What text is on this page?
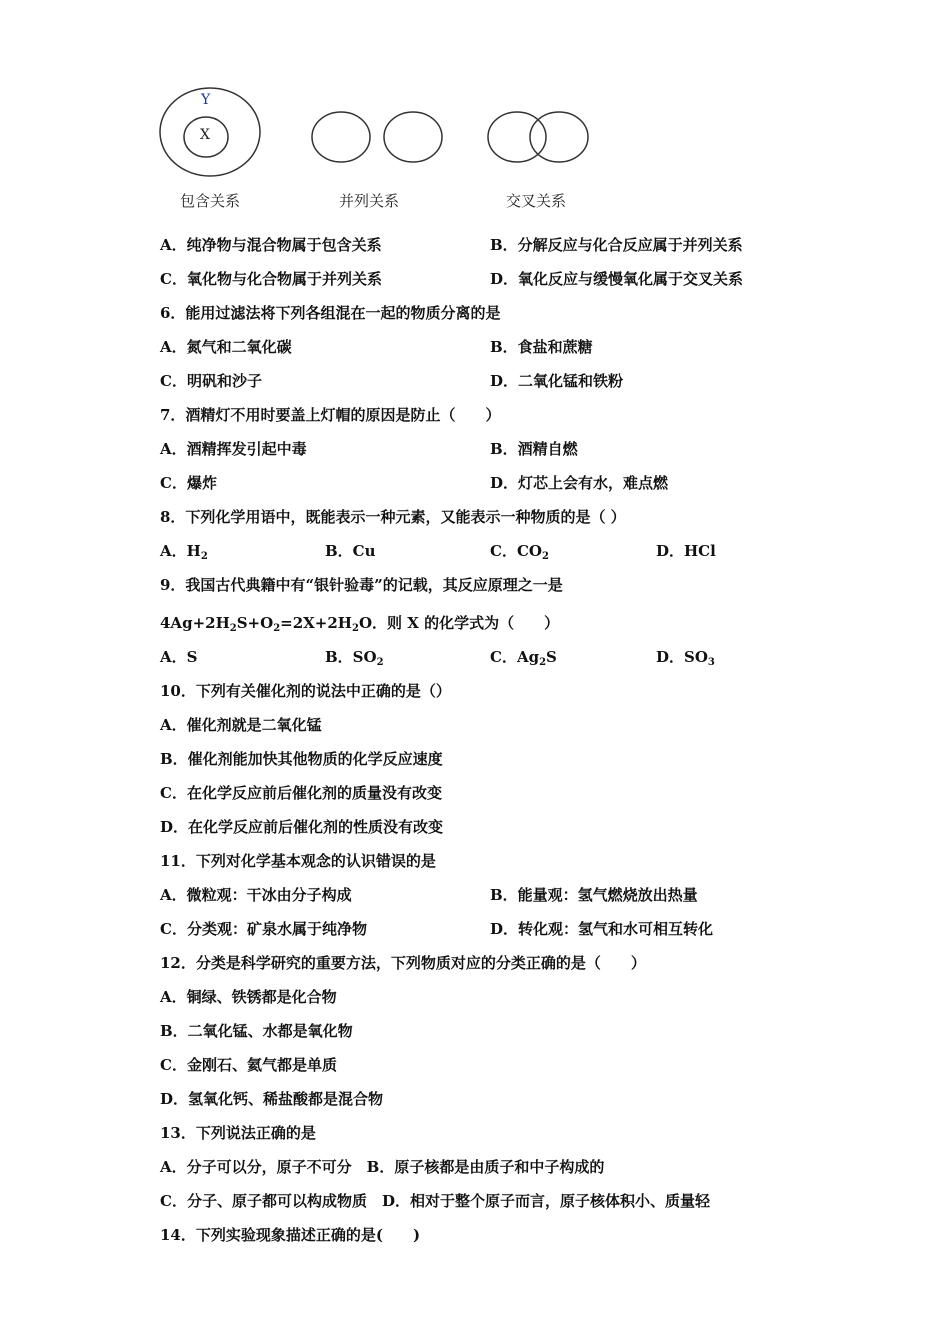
Y
X
包含关系	并列关系	交叉关系
A．纯净物与混合物属于包含关系	B．分解反应与化合反应属于并列关系
C．氧化物与化合物属于并列关系	D．氧化反应与缓慢氧化属于交叉关系
6．能用过滤法将下列各组混在一起的物质分离的是
A．氮气和二氧化碳	B．食盐和蔗糖
C．明矾和沙子	D．二氧化锰和铁粉
7．酒精灯不用时要盖上灯帽的原因是防止（　　）
A．酒精挥发引起中毒	B．酒精自燃
C．爆炸	D．灯芯上会有水，难点燃
8．下列化学用语中，既能表示一种元素，又能表示一种物质的是（ ）
A．$H_2$	B．Cu	C．$CO_2$	D．HCl
9．我国古代典籍中有“银针验毒”的记载，其反应原理之一是
$4Ag+2H_2S+O_2=2X+2H_2O$．则 X 的化学式为（　　）
A．S	B．$SO_2$	C．$Ag_2S$	D．$SO_3$
10．下列有关催化剂的说法中正确的是（）
A．催化剂就是二氧化锰
B．催化剂能加快其他物质的化学反应速度
C．在化学反应前后催化剂的质量没有改变
D．在化学反应前后催化剂的性质没有改变
11．下列对化学基本观念的认识错误的是
A．微粒观：干冰由分子构成	B．能量观：氢气燃烧放出热量
C．分类观：矿泉水属于纯净物	D．转化观：氢气和水可相互转化
12．分类是科学研究的重要方法，下列物质对应的分类正确的是（　　）
A．铜绿、铁锈都是化合物
B．二氧化锰、水都是氧化物
C．金刚石、氦气都是单质
D．氢氧化钙、稀盐酸都是混合物
13．下列说法正确的是
A．分子可以分，原子不可分　B．原子核都是由质子和中子构成的
C．分子、原子都可以构成物质　D．相对于整个原子而言，原子核体积小、质量轻
14．下列实验现象描述正确的是(　　)
